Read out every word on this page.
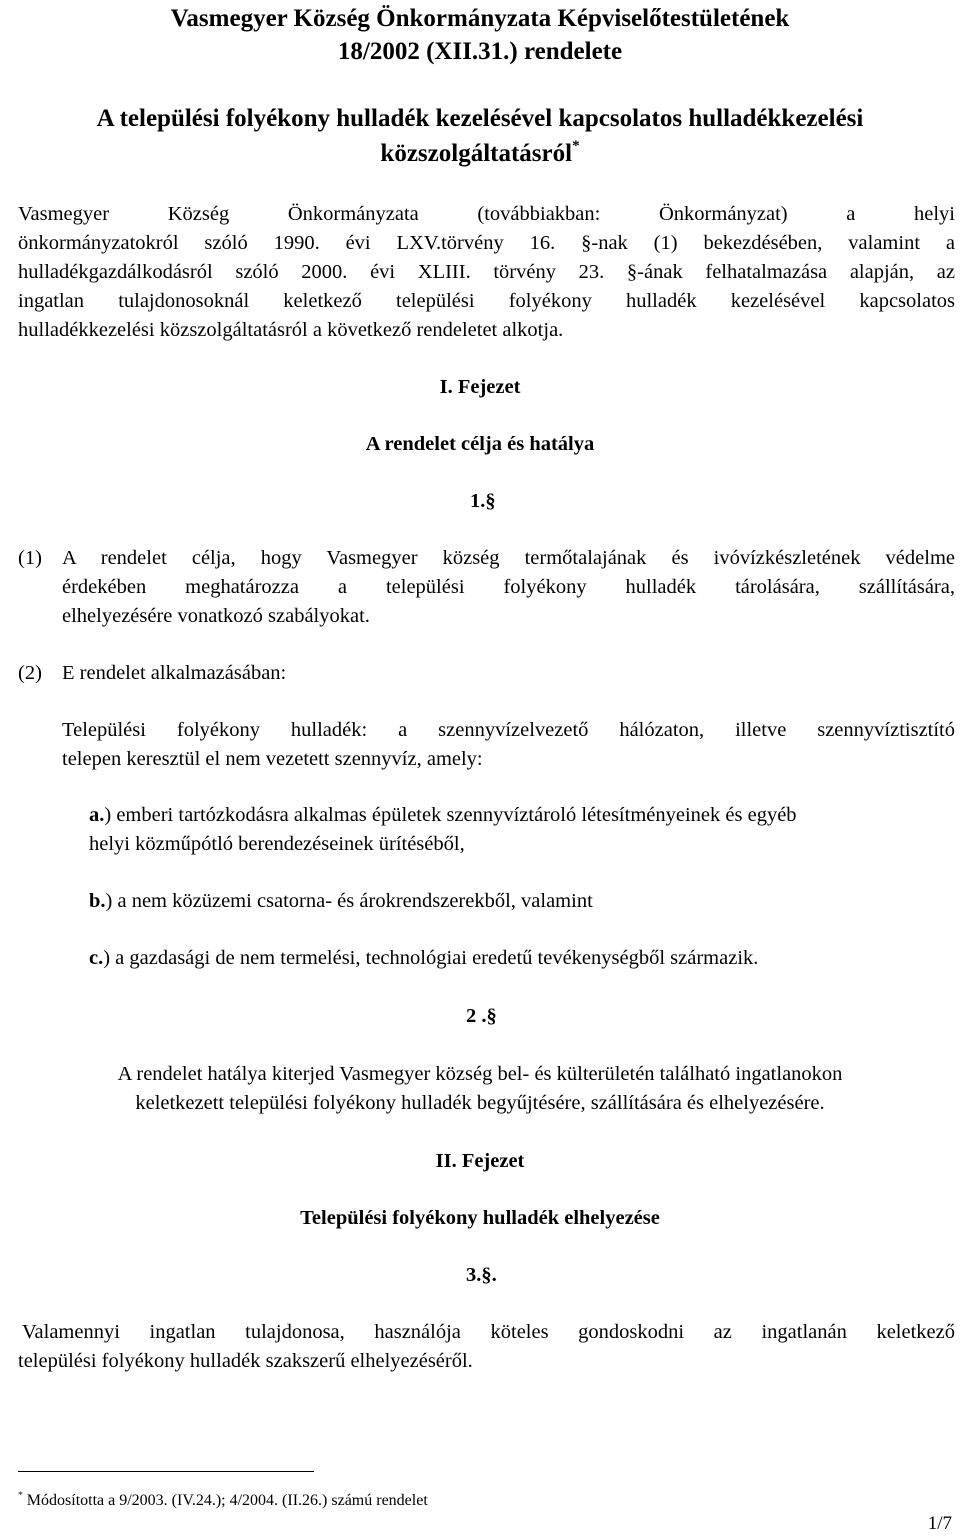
Vasmegyer Község Önkormányzata Képviselőtestületének
18/2002 (XII.31.) rendelete
A települési folyékony hulladék kezelésével kapcsolatos hulladékkezelési
közszolgáltatásról*
Vasmegyer Község Önkormányzata (továbbiakban: Önkormányzat) a helyi
önkormányzatokról szóló 1990. évi LXV.törvény 16. §-nak (1) bekezdésében, valamint a
hulladékgazdálkodásról szóló 2000. évi XLIII. törvény 23. §-ának felhatalmazása alapján, az
ingatlan tulajdonosoknál keletkező települési folyékony hulladék kezelésével kapcsolatos
hulladékkezelési közszolgáltatásról a következő rendeletet alkotja.
I. Fejezet
A rendelet célja és hatálya
1.§
(1) A rendelet célja, hogy Vasmegyer község termőtalajának és ivóvízkészletének védelme
érdekében meghatározza a települési folyékony hulladék tárolására, szállítására,
elhelyezésére vonatkozó szabályokat.
(2) E rendelet alkalmazásában:
Települési folyékony hulladék: a szennyvízelvezető hálózaton, illetve szennyvíztisztító
telepen keresztül el nem vezetett szennyvíz, amely:
a.) emberi tartózkodásra alkalmas épületek szennyvíztároló létesítményeinek és egyéb
helyi közműpótló berendezéseinek ürítéséből,
b.) a nem közüzemi csatorna- és árokrendszerekből, valamint
c.) a gazdasági de nem termelési, technológiai eredetű tevékenységből származik.
2 .§
A rendelet hatálya kiterjed Vasmegyer község bel- és külterületén található ingatlanokon
keletkezett települési folyékony hulladék begyűjtésére, szállítására és elhelyezésére.
II. Fejezet
Települési folyékony hulladék elhelyezése
3.§.
Valamennyi ingatlan tulajdonosa, használója köteles gondoskodni az ingatlanán keletkező
települési folyékony hulladék szakszerű elhelyezéséről.
* Módosította a 9/2003. (IV.24.); 4/2004. (II.26.) számú rendelet
1/7
